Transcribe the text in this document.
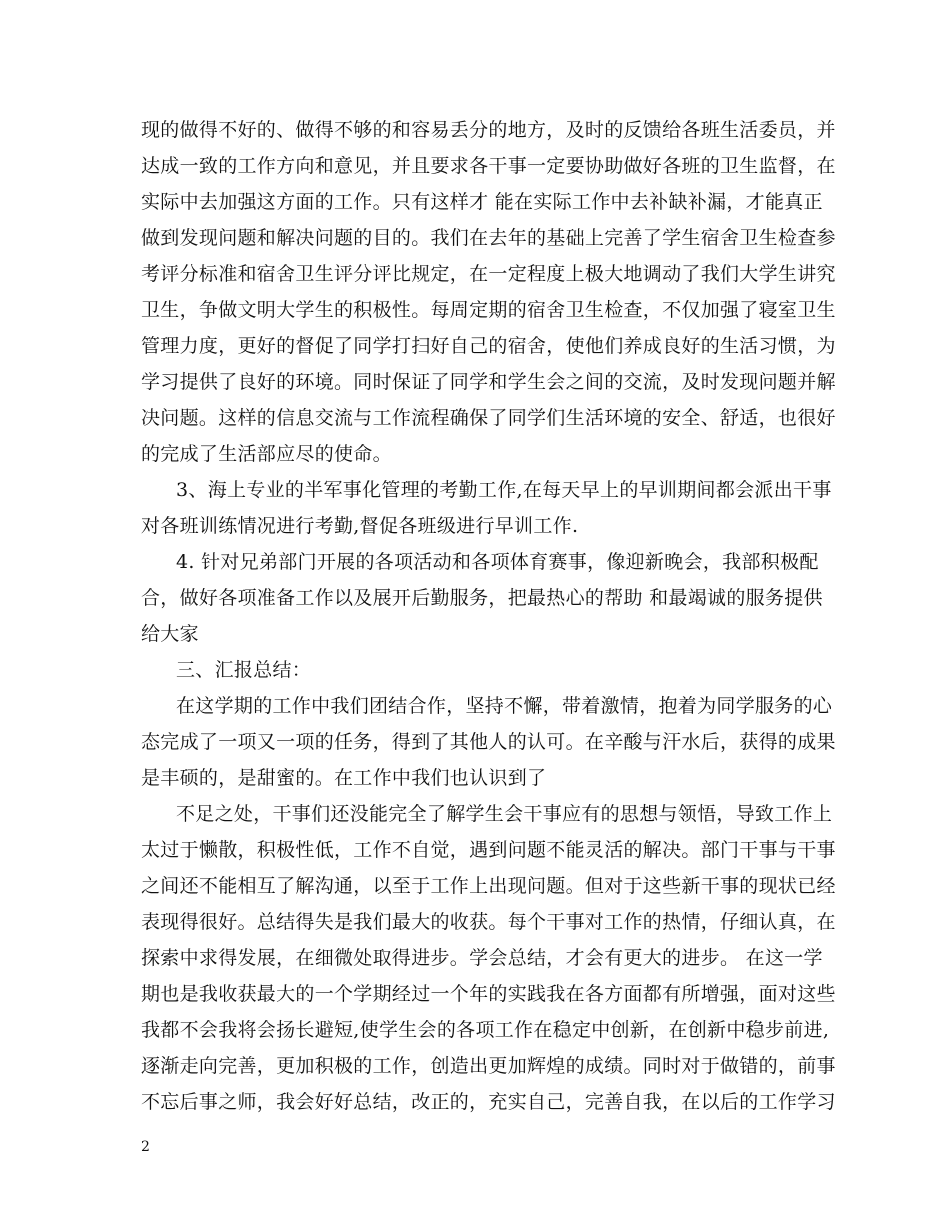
现的做得不好的、做得不够的和容易丢分的地方，及时的反馈给各班生活委员，并
达成一致的工作方向和意见，并且要求各干事一定要协助做好各班的卫生监督，在
实际中去加强这方面的工作。只有这样才 能在实际工作中去补缺补漏，才能真正
做到发现问题和解决问题的目的。我们在去年的基础上完善了学生宿舍卫生检查参
考评分标准和宿舍卫生评分评比规定，在一定程度上极大地调动了我们大学生讲究
卫生，争做文明大学生的积极性。每周定期的宿舍卫生检查，不仅加强了寝室卫生
管理力度，更好的督促了同学打扫好自己的宿舍，使他们养成良好的生活习惯，为
学习提供了良好的环境。同时保证了同学和学生会之间的交流，及时发现问题并解
决问题。这样的信息交流与工作流程确保了同学们生活环境的安全、舒适，也很好
的完成了生活部应尽的使命。
3、海上专业的半军事化管理的考勤工作,在每天早上的早训期间都会派出干事
对各班训练情况进行考勤,督促各班级进行早训工作.
4. 针对兄弟部门开展的各项活动和各项体育赛事，像迎新晚会，我部积极配
合，做好各项准备工作以及展开后勤服务，把最热心的帮助 和最竭诚的服务提供
给大家
三、汇报总结：
在这学期的工作中我们团结合作，坚持不懈，带着激情，抱着为同学服务的心
态完成了一项又一项的任务，得到了其他人的认可。在辛酸与汗水后，获得的成果
是丰硕的，是甜蜜的。在工作中我们也认识到了
不足之处，干事们还没能完全了解学生会干事应有的思想与领悟，导致工作上
太过于懒散，积极性低，工作不自觉，遇到问题不能灵活的解决。部门干事与干事
之间还不能相互了解沟通，以至于工作上出现问题。但对于这些新干事的现状已经
表现得很好。总结得失是我们最大的收获。每个干事对工作的热情，仔细认真，在
探索中求得发展，在细微处取得进步。学会总结，才会有更大的进步。 在这一学
期也是我收获最大的一个学期经过一个年的实践我在各方面都有所增强，面对这些
我都不会我将会扬长避短,使学生会的各项工作在稳定中创新，在创新中稳步前进,
逐渐走向完善，更加积极的工作，创造出更加辉煌的成绩。同时对于做错的，前事
不忘后事之师，我会好好总结，改正的，充实自己，完善自我，在以后的工作学习
2
